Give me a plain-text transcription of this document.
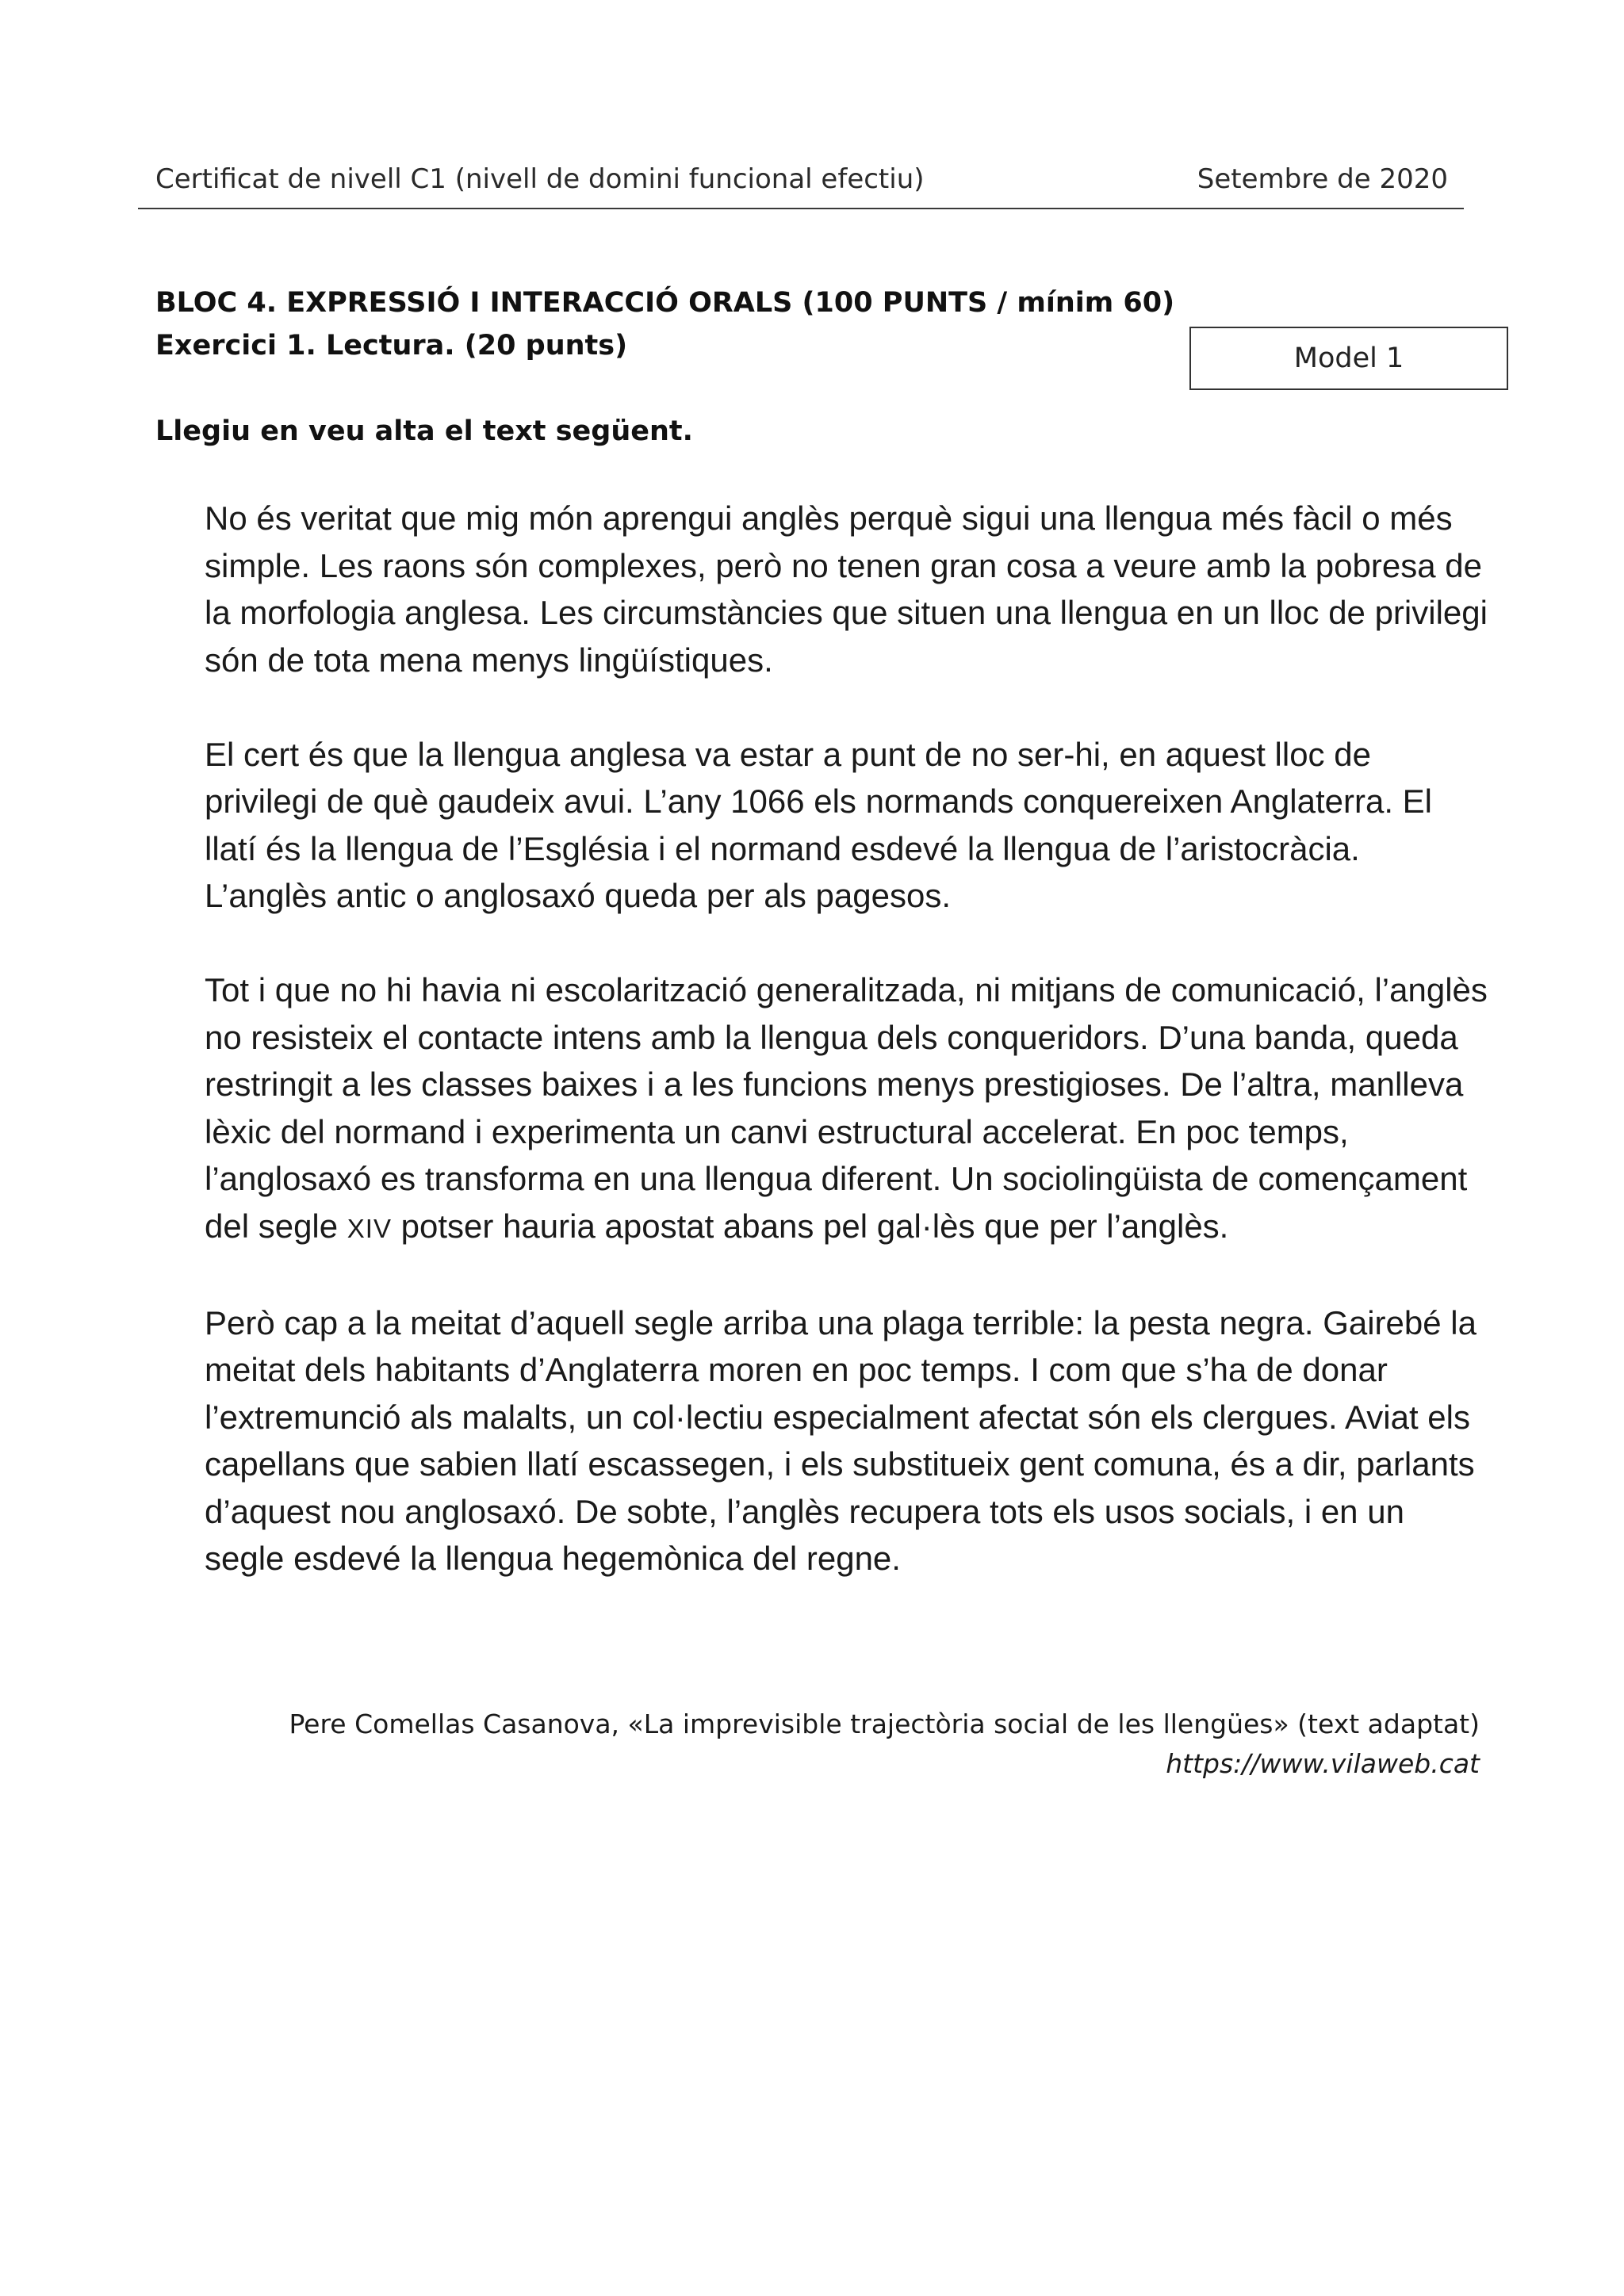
Certificat de nivell C1 (nivell de domini funcional efectiu)	Setembre de 2020
BLOC 4. EXPRESSIÓ I INTERACCIÓ ORALS (100 PUNTS / mínim 60)
Exercici 1. Lectura. (20 punts)	Model 1
Llegiu en veu alta el text següent.

No és veritat que mig món aprengui anglès perquè sigui una llengua més fàcil o més simple. Les raons són complexes, però no tenen gran cosa a veure amb la pobresa de la morfologia anglesa. Les circumstàncies que situen una llengua en un lloc de privilegi són de tota mena menys lingüístiques.

El cert és que la llengua anglesa va estar a punt de no ser-hi, en aquest lloc de privilegi de què gaudeix avui. L’any 1066 els normands conquereixen Anglaterra. El llatí és la llengua de l’Església i el normand esdevé la llengua de l’aristocràcia. L’anglès antic o anglosaxó queda per als pagesos.

Tot i que no hi havia ni escolarització generalitzada, ni mitjans de comunicació, l’anglès no resisteix el contacte intens amb la llengua dels conqueridors. D’una banda, queda restringit a les classes baixes i a les funcions menys prestigioses. De l’altra, manlleva lèxic del normand i experimenta un canvi estructural accelerat. En poc temps, l’anglosaxó es transforma en una llengua diferent. Un sociolingüista de començament del segle XIV potser hauria apostat abans pel gal·lès que per l’anglès.

Però cap a la meitat d’aquell segle arriba una plaga terrible: la pesta negra. Gairebé la meitat dels habitants d’Anglaterra moren en poc temps. I com que s’ha de donar l’extremunció als malalts, un col·lectiu especialment afectat són els clergues. Aviat els capellans que sabien llatí escassegen, i els substitueix gent comuna, és a dir, parlants d’aquest nou anglosaxó. De sobte, l’anglès recupera tots els usos socials, i en un segle esdevé la llengua hegemònica del regne.

Pere Comellas Casanova, «La imprevisible trajectòria social de les llengües» (text adaptat)
https://www.vilaweb.cat
